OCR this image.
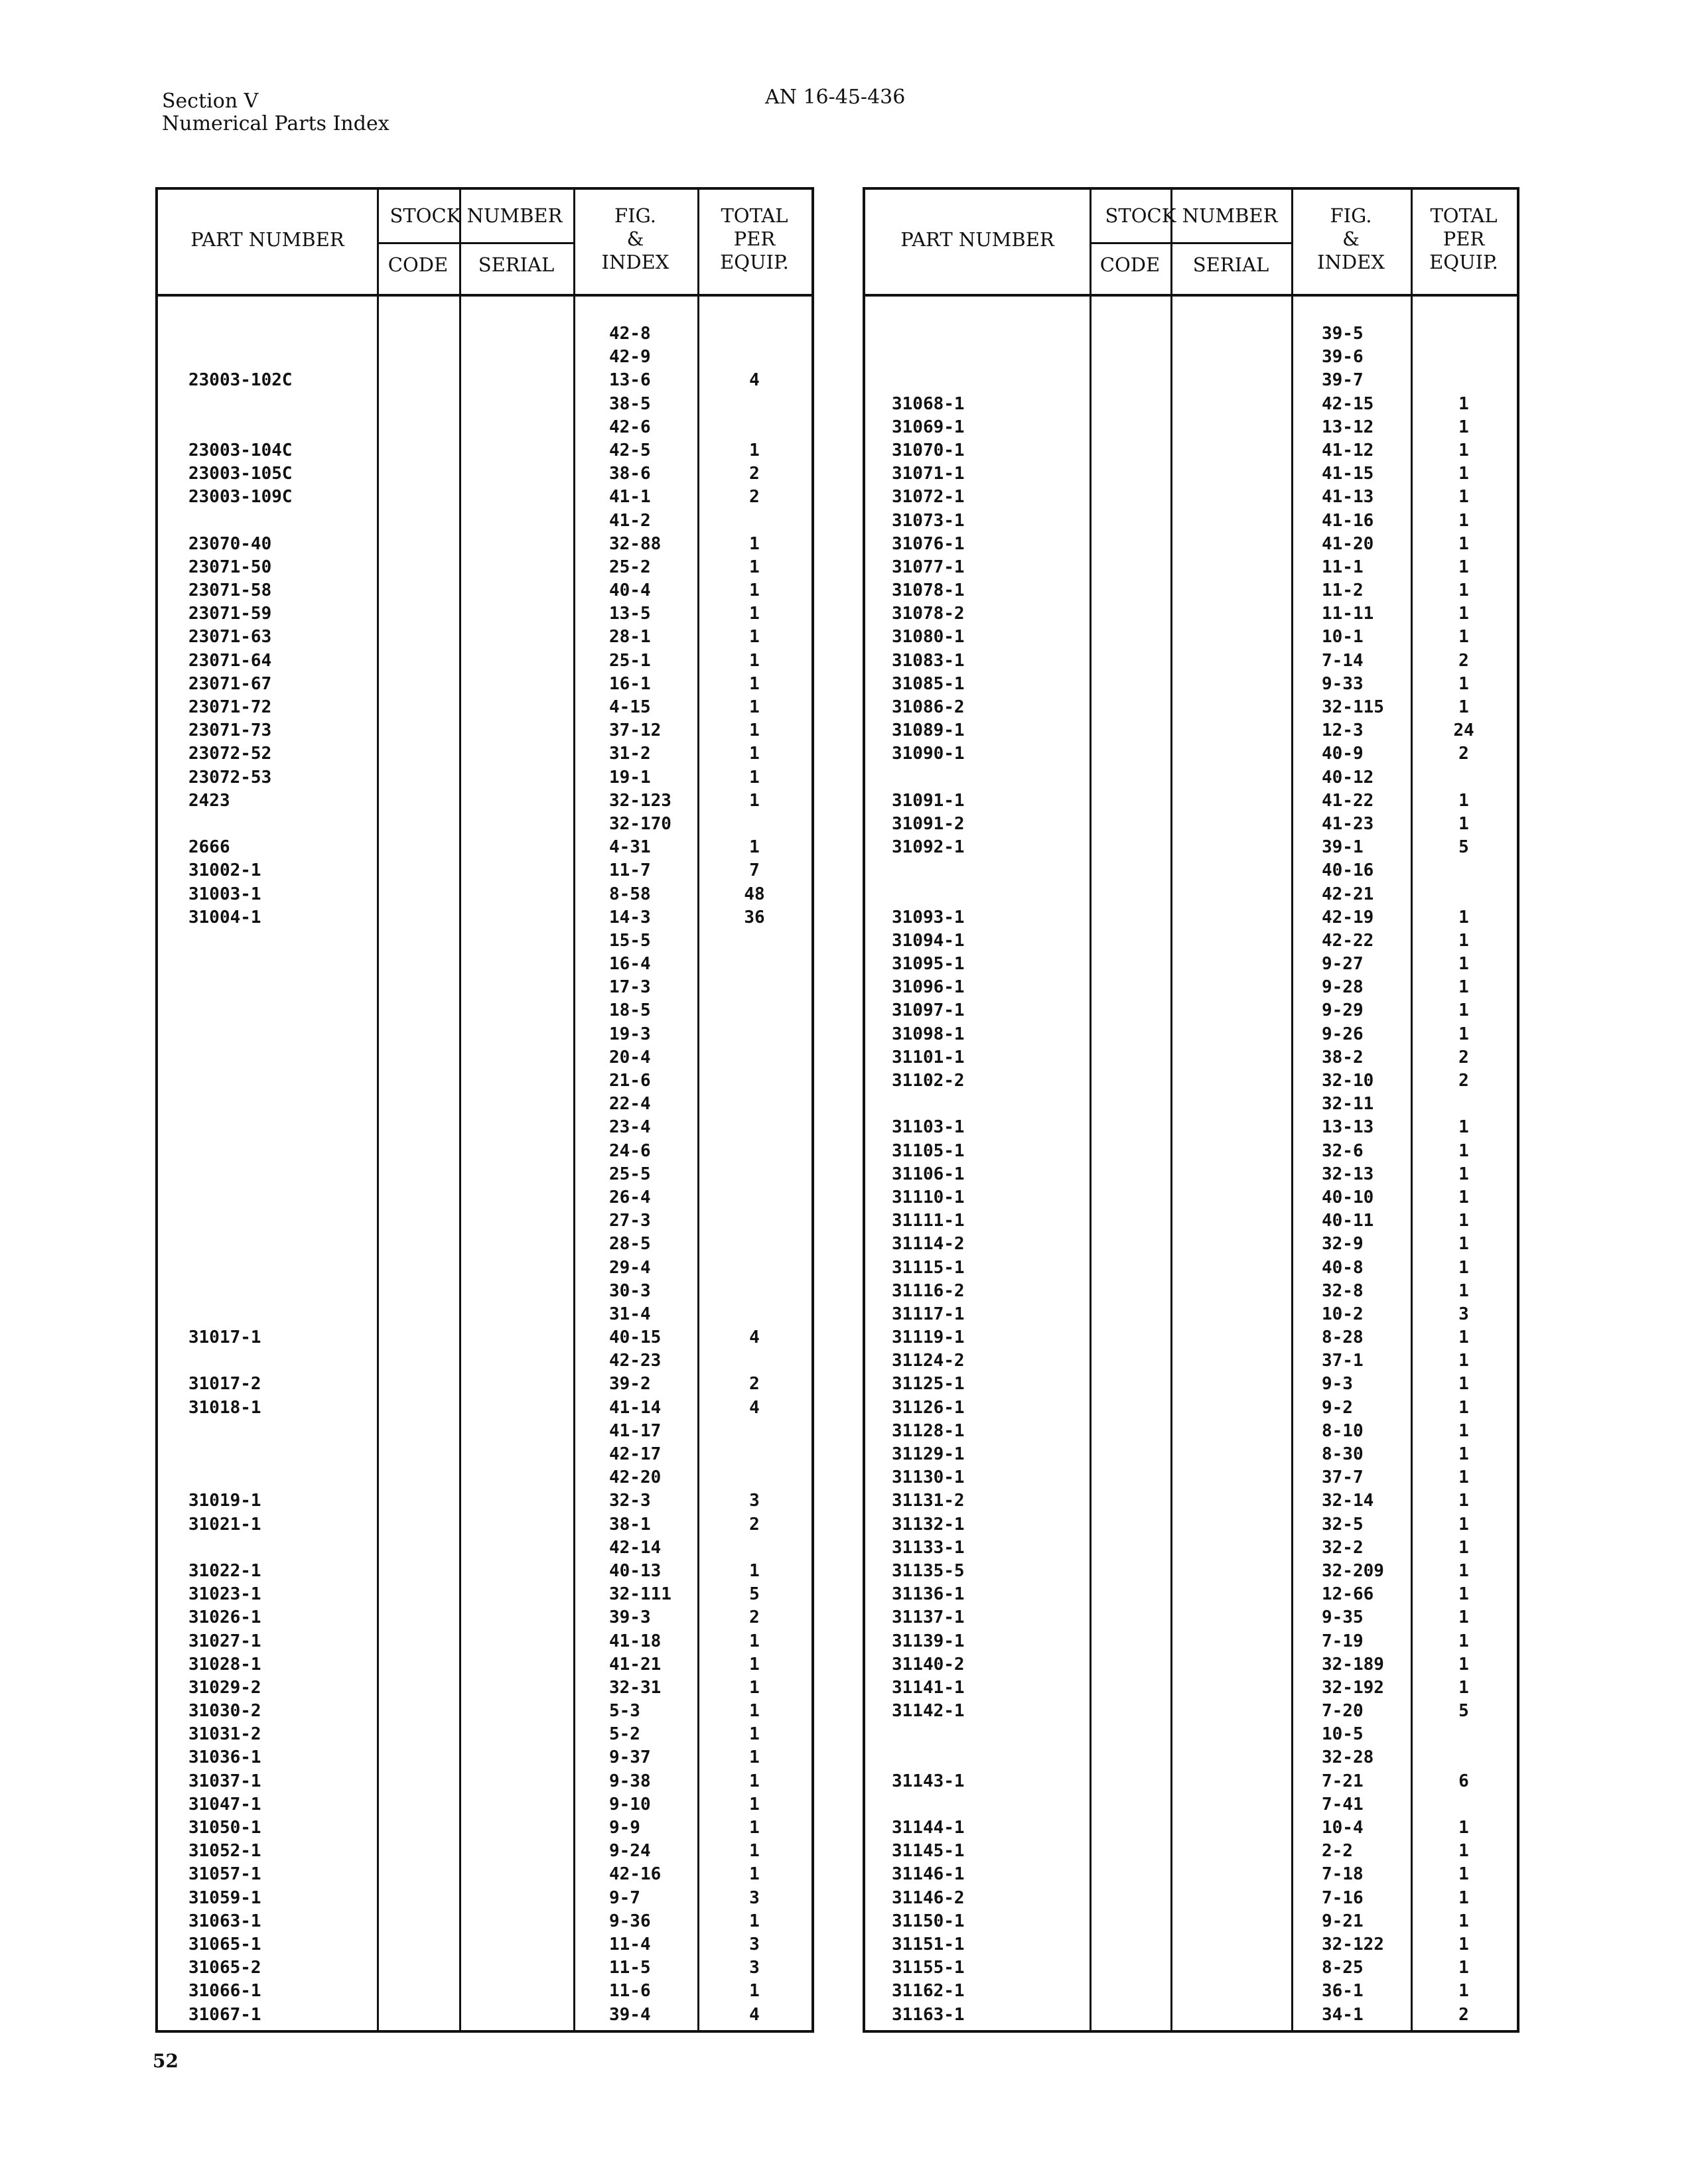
Section V
Numerical Parts Index
AN 16-45-436
PART NUMBER
STOCK NUMBER
CODE	SERIAL
FIG.
&
INDEX
TOTAL
PER
EQUIP.
23003-102C
23003-104C
23003-105C
23003-109C
23070-40
23071-50
23071-58
23071-59
23071-63
23071-64
23071-67
23071-72
23071-73
23072-52
23072-53
2423
2666
31002-1
31003-1
31004-1
31017-1
31017-2
31018-1
31019-1
31021-1
31022-1
31023-1
31026-1
31027-1
31028-1
31029-2
31030-2
31031-2
31036-1
31037-1
31047-1
31050-1
31052-1
31057-1
31059-1
31063-1
31065-1
31065-2
31066-1
31067-1
42-8
42-9
13-6
38-5
42-6
42-5
38-6
41-1
41-2
32-88
25-2
40-4
13-5
28-1
25-1
16-1
4-15
37-12
31-2
19-1
32-123
32-170
4-31
11-7
8-58
14-3
15-5
16-4
17-3
18-5
19-3
20-4
21-6
22-4
23-4
24-6
25-5
26-4
27-3
28-5
29-4
30-3
31-4
40-15
42-23
39-2
41-14
41-17
42-17
42-20
32-3
38-1
42-14
40-13
32-111
39-3
41-18
41-21
32-31
5-3
5-2
9-37
9-38
9-10
9-9
9-24
42-16
9-7
9-36
11-4
11-5
11-6
39-4
4
1
2
2
1
1
1
1
1
1
1
1
1
1
1
1
1
7
48
36
4
2
4
3
2
1
5
2
1
1
1
1
1
1
1
1
1
1
1
3
1
3
3
1
4
PART NUMBER
STOCK NUMBER
CODE	SERIAL
FIG.
&
INDEX
TOTAL
PER
EQUIP.
31068-1
31069-1
31070-1
31071-1
31072-1
31073-1
31076-1
31077-1
31078-1
31078-2
31080-1
31083-1
31085-1
31086-2
31089-1
31090-1
31091-1
31091-2
31092-1
31093-1
31094-1
31095-1
31096-1
31097-1
31098-1
31101-1
31102-2
31103-1
31105-1
31106-1
31110-1
31111-1
31114-2
31115-1
31116-2
31117-1
31119-1
31124-2
31125-1
31126-1
31128-1
31129-1
31130-1
31131-2
31132-1
31133-1
31135-5
31136-1
31137-1
31139-1
31140-2
31141-1
31142-1
31143-1
31144-1
31145-1
31146-1
31146-2
31150-1
31151-1
31155-1
31162-1
31163-1
39-5
39-6
39-7
42-15
13-12
41-12
41-15
41-13
41-16
41-20
11-1
11-2
11-11
10-1
7-14
9-33
32-115
12-3
40-9
40-12
41-22
41-23
39-1
40-16
42-21
42-19
42-22
9-27
9-28
9-29
9-26
38-2
32-10
32-11
13-13
32-6
32-13
40-10
40-11
32-9
40-8
32-8
10-2
8-28
37-1
9-3
9-2
8-10
8-30
37-7
32-14
32-5
32-2
32-209
12-66
9-35
7-19
32-189
32-192
7-20
10-5
32-28
7-21
7-41
10-4
2-2
7-18
7-16
9-21
32-122
8-25
36-1
34-1
1
1
1
1
1
1
1
1
1
1
1
2
1
1
24
2
1
1
5
1
1
1
1
1
1
2
2
1
1
1
1
1
1
1
1
3
1
1
1
1
1
1
1
1
1
1
1
1
1
1
1
1
5
6
1
1
1
1
1
1
1
1
2
52
